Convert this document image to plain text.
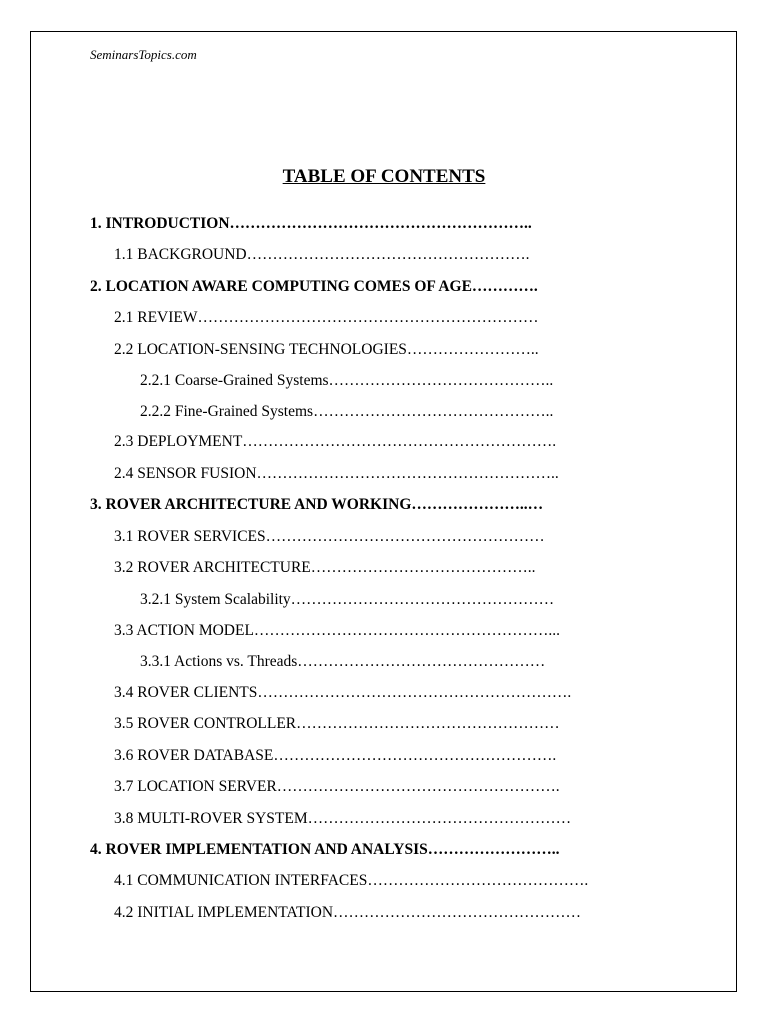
SeminarsTopics.com
TABLE OF CONTENTS
1. INTRODUCTION…………………………………………………..
1.1 BACKGROUND……………………………………………….
2. LOCATION AWARE COMPUTING COMES OF AGE………….
2.1 REVIEW…………………………………………………………
2.2 LOCATION-SENSING TECHNOLOGIES……………………..
2.2.1 Coarse-Grained Systems……………………………………..
2.2.2 Fine-Grained Systems………………………………………..
2.3 DEPLOYMENT…………………………………………………….
2.4 SENSOR FUSION…………………………………………………..
3. ROVER ARCHITECTURE AND WORKING…………………..…
3.1 ROVER SERVICES………………………………………………
3.2 ROVER ARCHITECTURE……………………………………..
3.2.1 System Scalability……………………………………………
3.3 ACTION MODEL…………………………………………………...
3.3.1 Actions vs. Threads…………………………………………
3.4 ROVER CLIENTS…………………………………………………….
3.5 ROVER CONTROLLER……………………………………………
3.6 ROVER DATABASE……………………………………………….
3.7 LOCATION SERVER……………………………………………….
3.8 MULTI-ROVER SYSTEM……………………………………………
4. ROVER IMPLEMENTATION AND ANALYSIS……………………..
4.1 COMMUNICATION INTERFACES…………………………………….
4.2 INITIAL IMPLEMENTATION…………………………………………
